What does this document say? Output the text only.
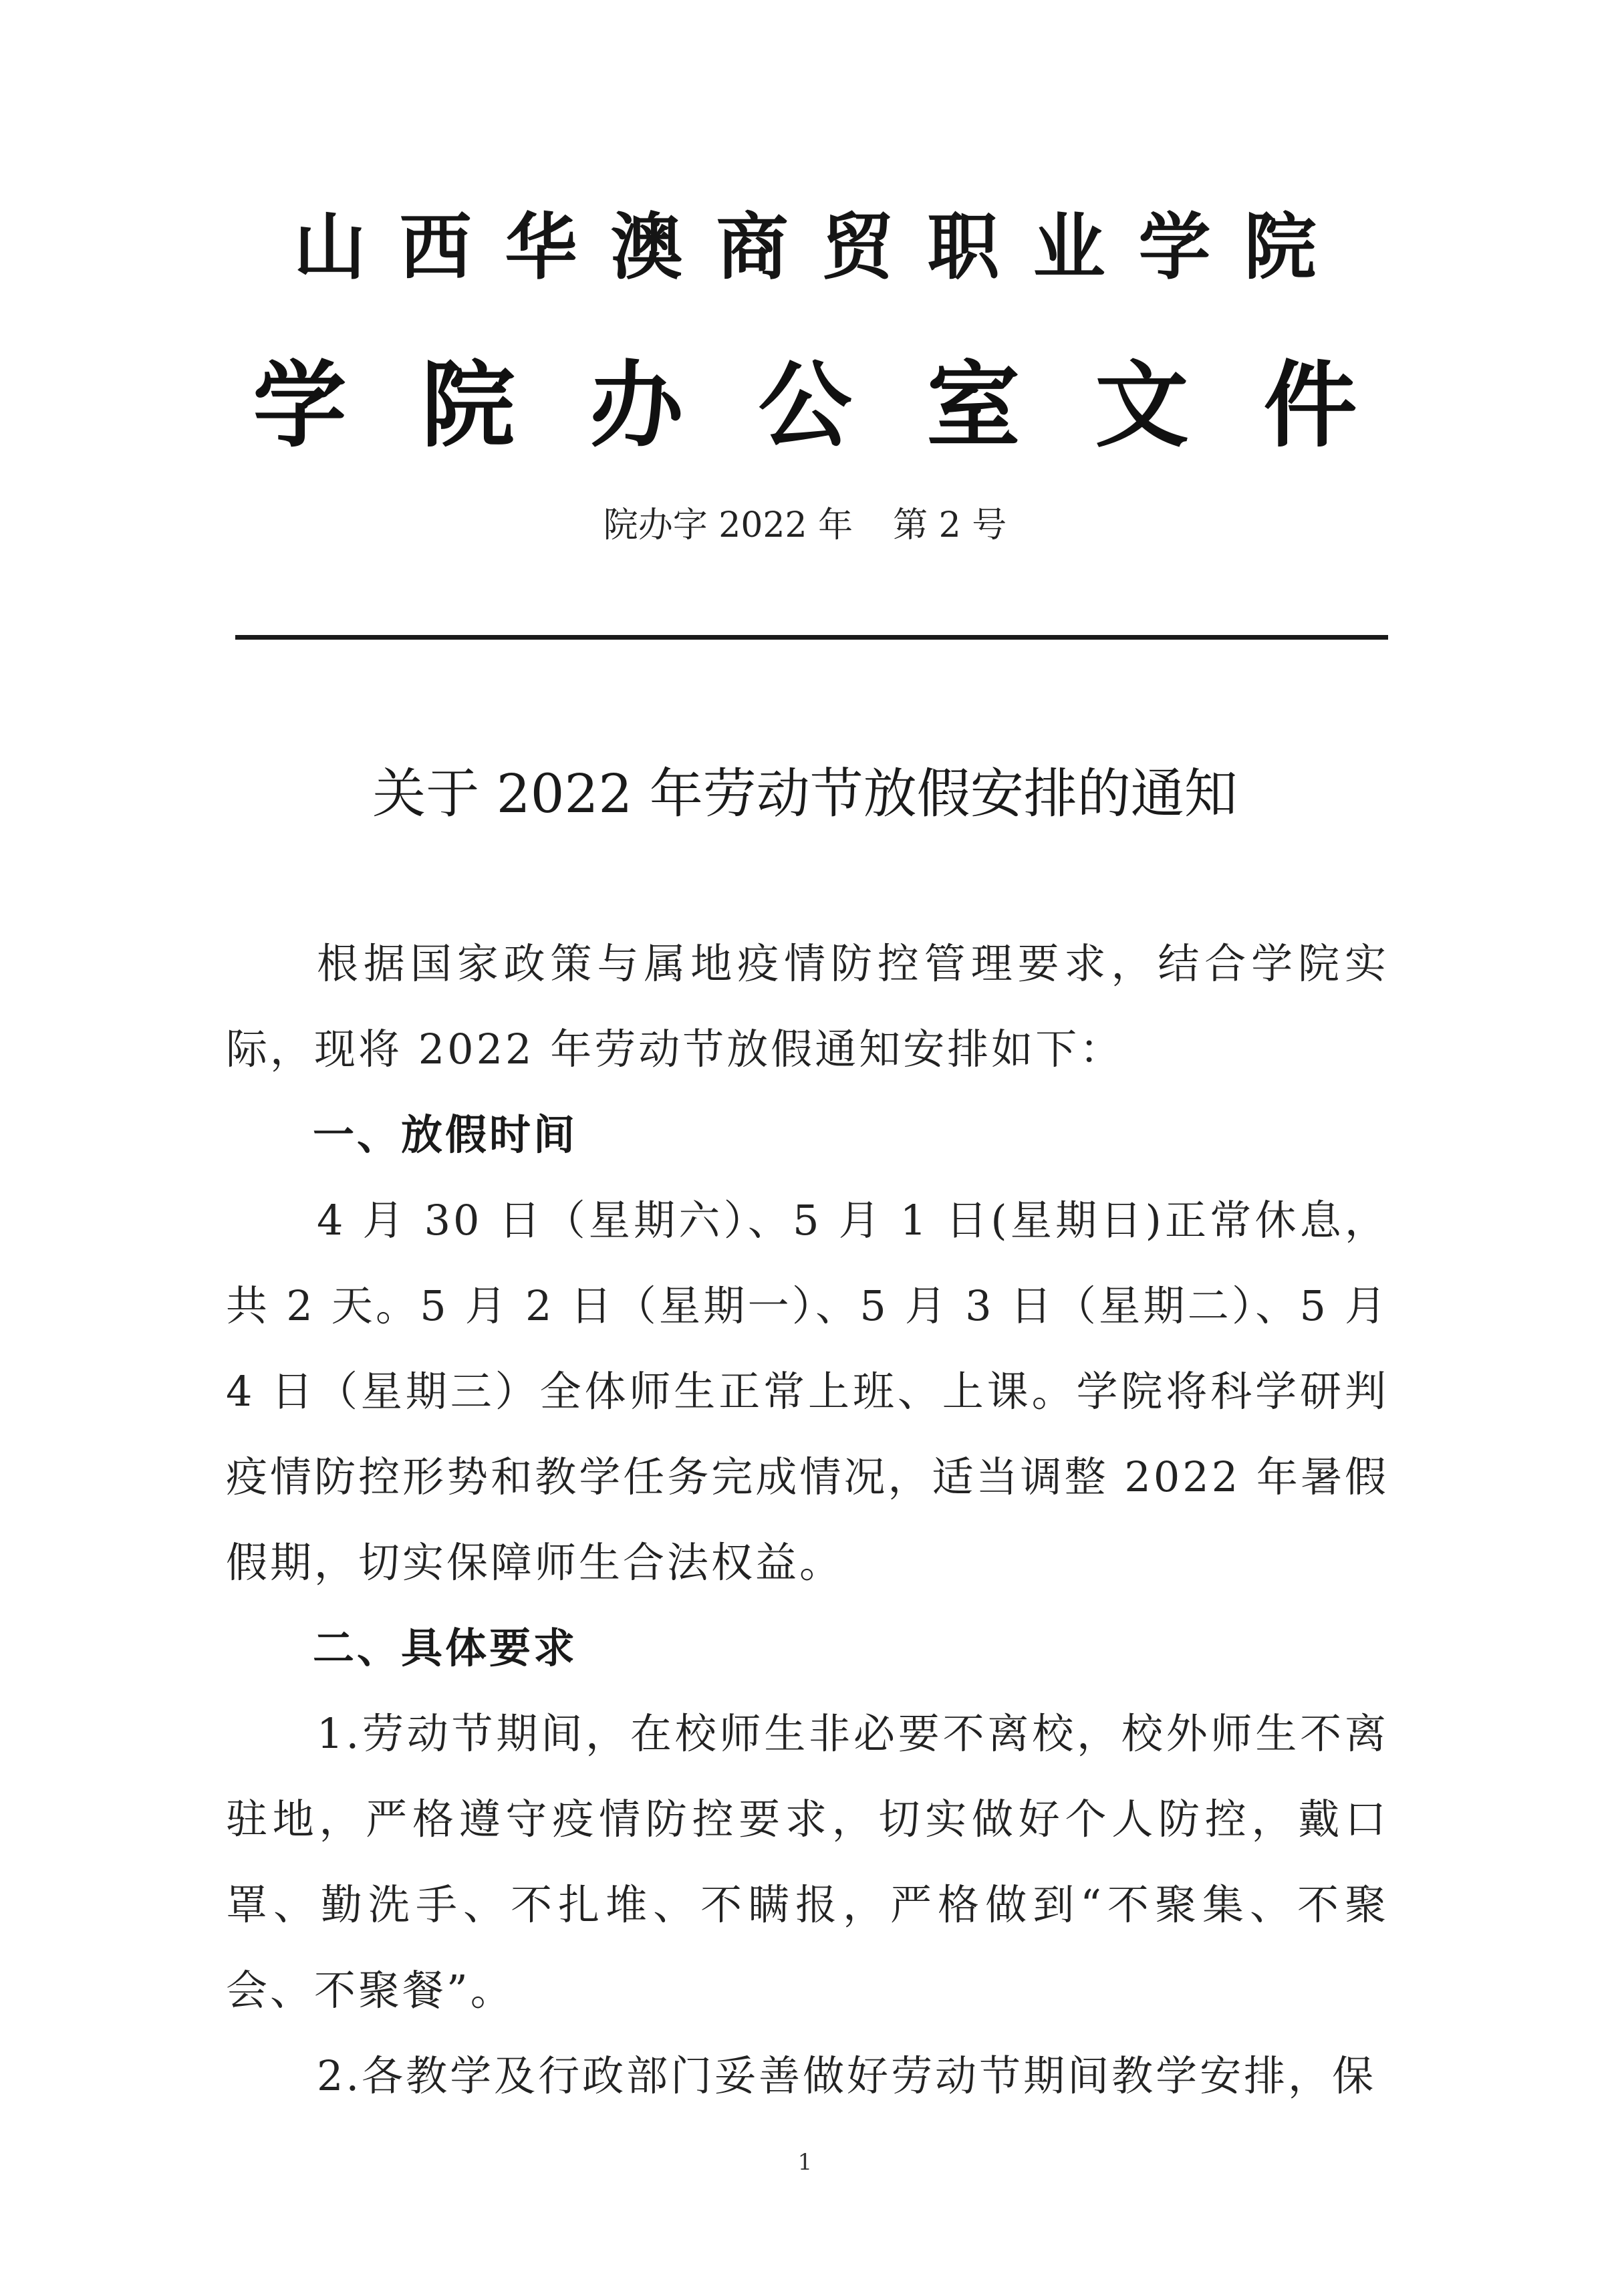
山西华澳商贸职业学院
学院办公室文件
院办字 2022 年 第 2 号
关于 2022 年劳动节放假安排的通知

根据国家政策与属地疫情防控管理要求，结合学院实际，现将 2022 年劳动节放假通知安排如下：

一、放假时间

4 月 30 日（星期六）、5 月 1 日(星期日)正常休息，共 2 天。5 月 2 日（星期一）、5 月 3 日（星期二）、5 月 4 日（星期三）全体师生正常上班、上课。学院将科学研判疫情防控形势和教学任务完成情况，适当调整 2022 年暑假假期，切实保障师生合法权益。

二、具体要求

1.劳动节期间，在校师生非必要不离校，校外师生不离驻地，严格遵守疫情防控要求，切实做好个人防控，戴口罩、勤洗手、不扎堆、不瞒报，严格做到“不聚集、不聚会、不聚餐”。

2.各教学及行政部门妥善做好劳动节期间教学安排，保

1
